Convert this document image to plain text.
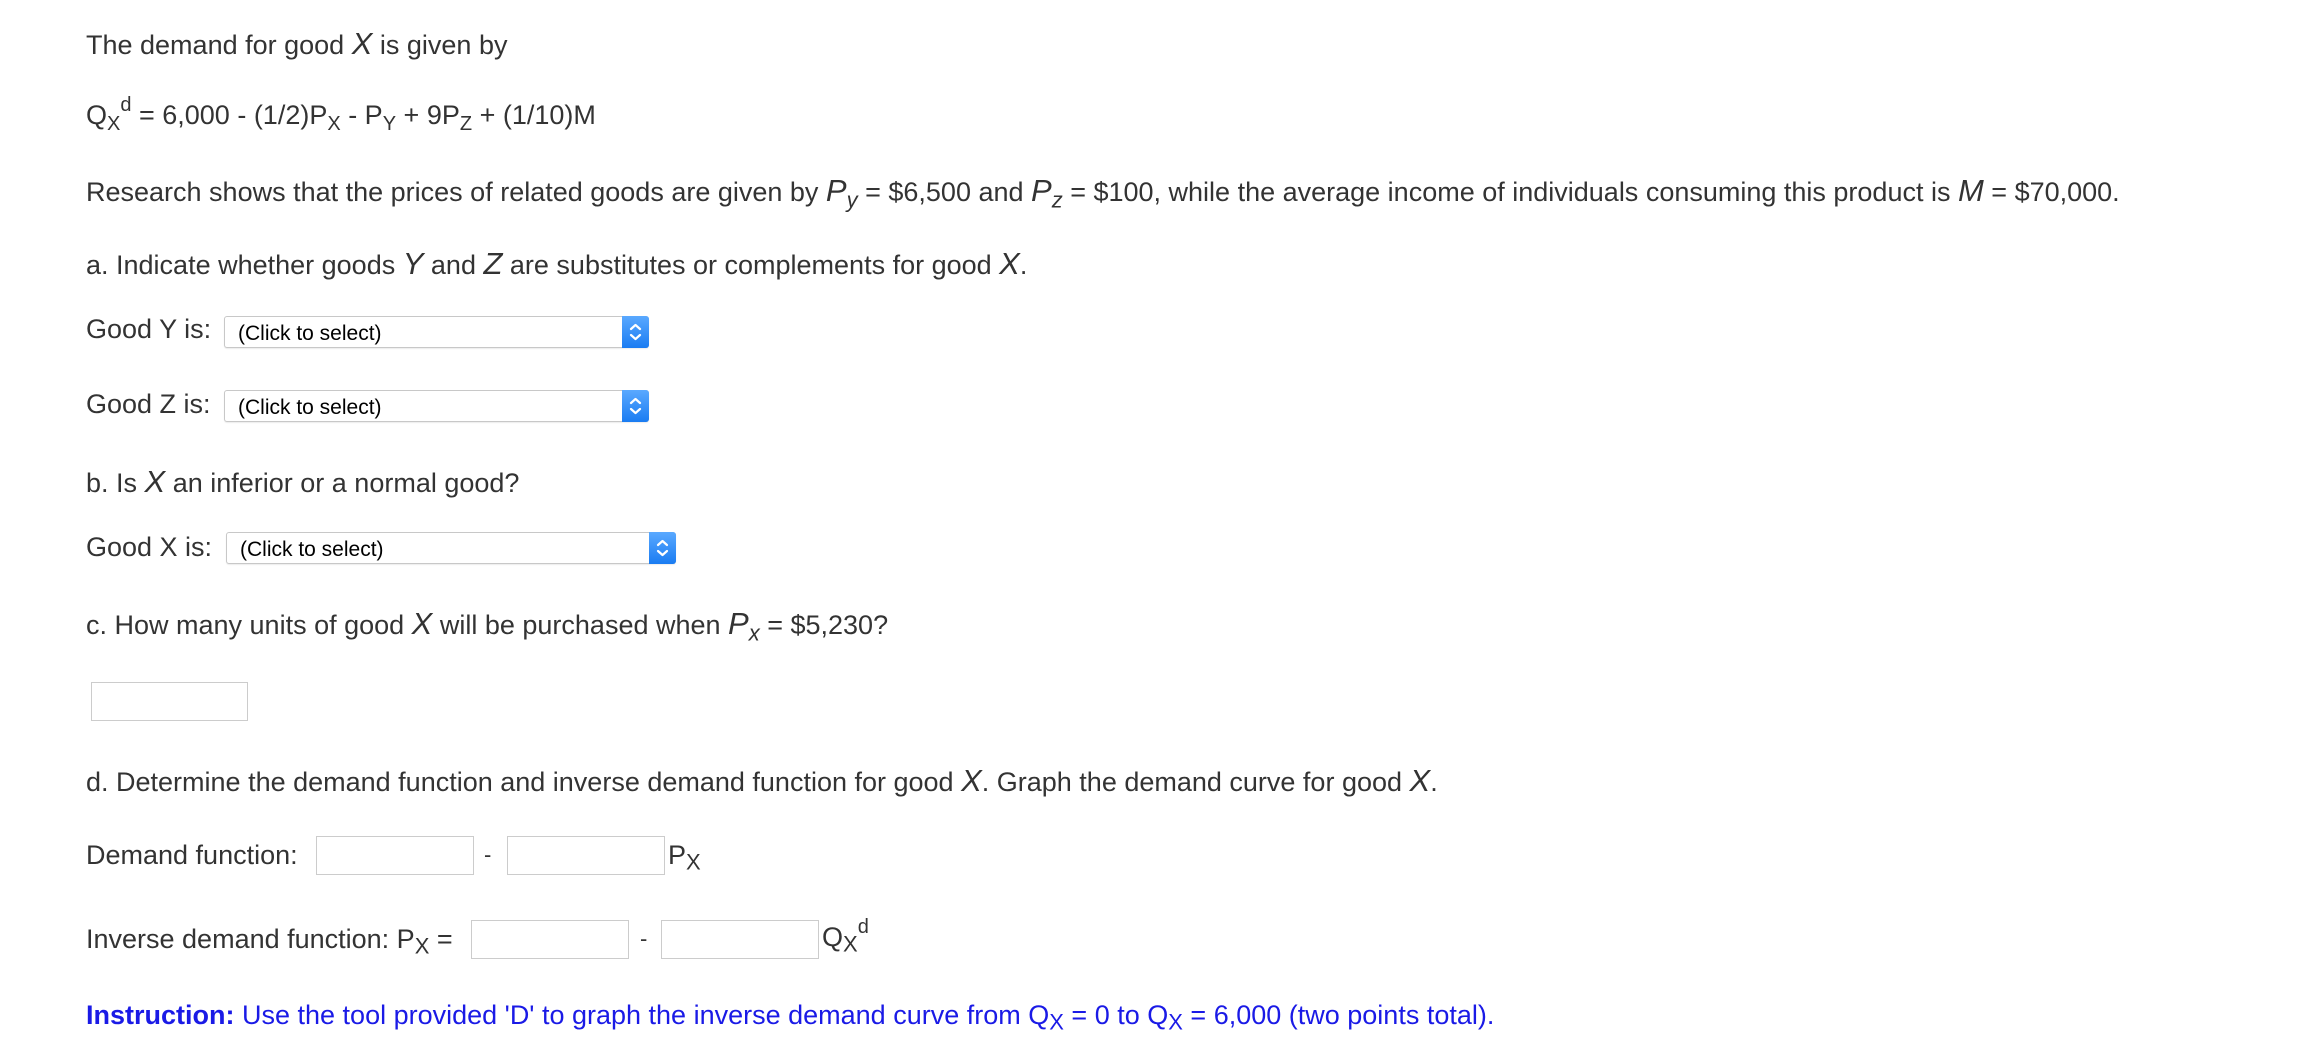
The demand for good X is given by
$Q_X^d = 6,000 - (1/2)P_X - P_Y + 9P_Z + (1/10)M$
Research shows that the prices of related goods are given by $P_y$ = $6,500 and $P_z$ = $100, while the average income of individuals consuming this product is M = $70,000.
a. Indicate whether goods Y and Z are substitutes or complements for good X.
Good Y is: (Click to select)
Good Z is: (Click to select)
b. Is X an inferior or a normal good?
Good X is: (Click to select)
c. How many units of good X will be purchased when $P_x$ = $5,230?
d. Determine the demand function and inverse demand function for good X. Graph the demand curve for good X.
Demand function:	-	$P_X$
Inverse demand function: $P_X$ =	-	$Q_X^d$
Instruction: Use the tool provided 'D' to graph the inverse demand curve from $Q_X = 0$ to $Q_X = 6,000$ (two points total).
